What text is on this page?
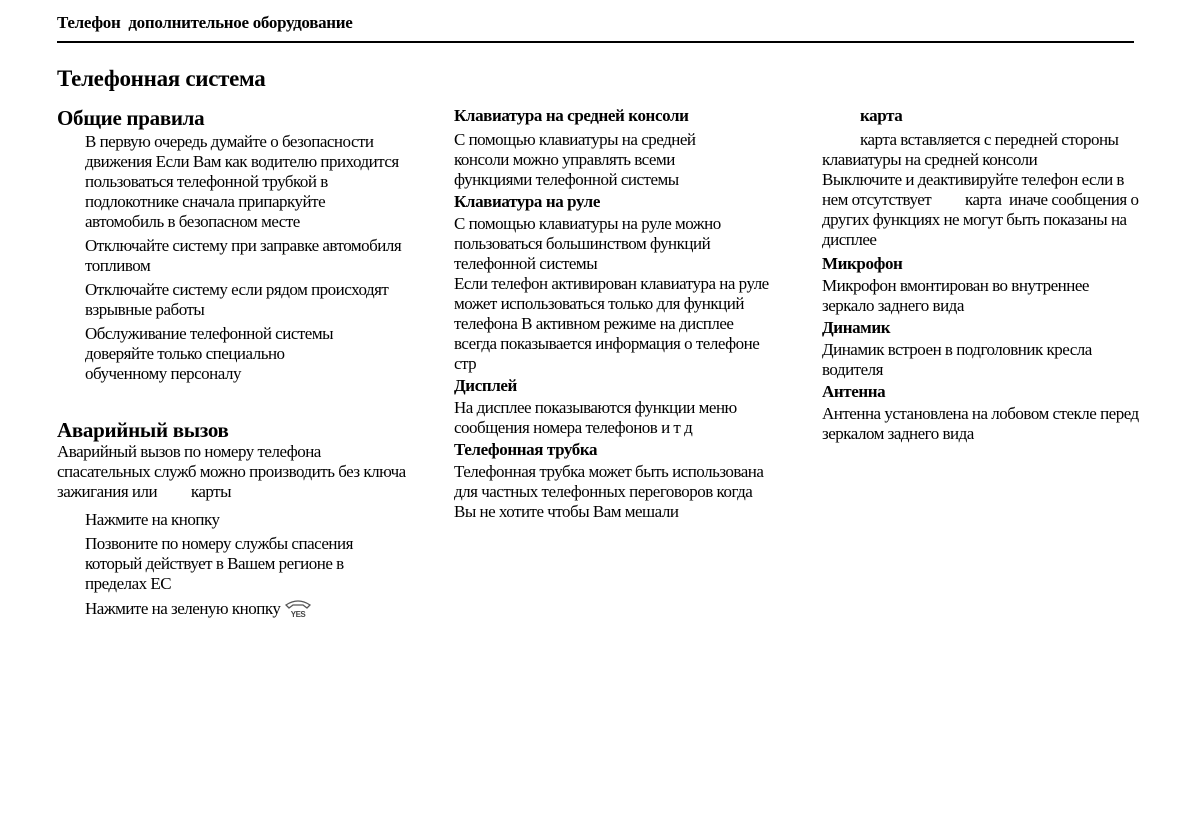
Телефон  дополнительное оборудование
Телефонная система
Общие правила

В первую очередь думайте о безопасности движения Если Вам как водителю приходится пользоваться телефонной трубкой в подлокотнике сначала припаркуйте автомобиль в безопасном месте

Отключайте систему при заправке автомобиля топливом

Отключайте систему если рядом происходят взрывные работы

Обслуживание телефонной системы доверяйте только специально обученному персоналу

Аварийный вызов

Аварийный вызов по номеру телефона спасательных служб можно производить без ключа зажигания или         карты

Нажмите на кнопку

Позвоните по номеру службы спасения который действует в Вашем регионе в пределах ЕС

Нажмите на зеленую кнопку YES

Клавиатура на средней консоли

С помощью клавиатуры на средней консоли можно управлять всеми функциями телефонной системы

Клавиатура на руле

С помощью клавиатуры на руле можно пользоваться большинством функций телефонной системы

Если телефон активирован клавиатура на руле может использоваться только для функций телефона В активном режиме на дисплее всегда показывается информация о телефоне стр

Дисплей

На дисплее показываются функции меню сообщения номера телефонов и т д

Телефонная трубка

Телефонная трубка может быть использована для частных телефонных переговоров когда Вы не хотите чтобы Вам мешали

карта

карта вставляется с передней стороны клавиатуры на средней консоли

Выключите и деактивируйте телефон если в нем отсутствует         карта  иначе сообщения о других функциях не могут быть показаны на дисплее

Микрофон

Микрофон вмонтирован во внутреннее зеркало заднего вида

Динамик

Динамик встроен в подголовник кресла водителя

Антенна

Антенна установлена на лобовом стекле перед зеркалом заднего вида
